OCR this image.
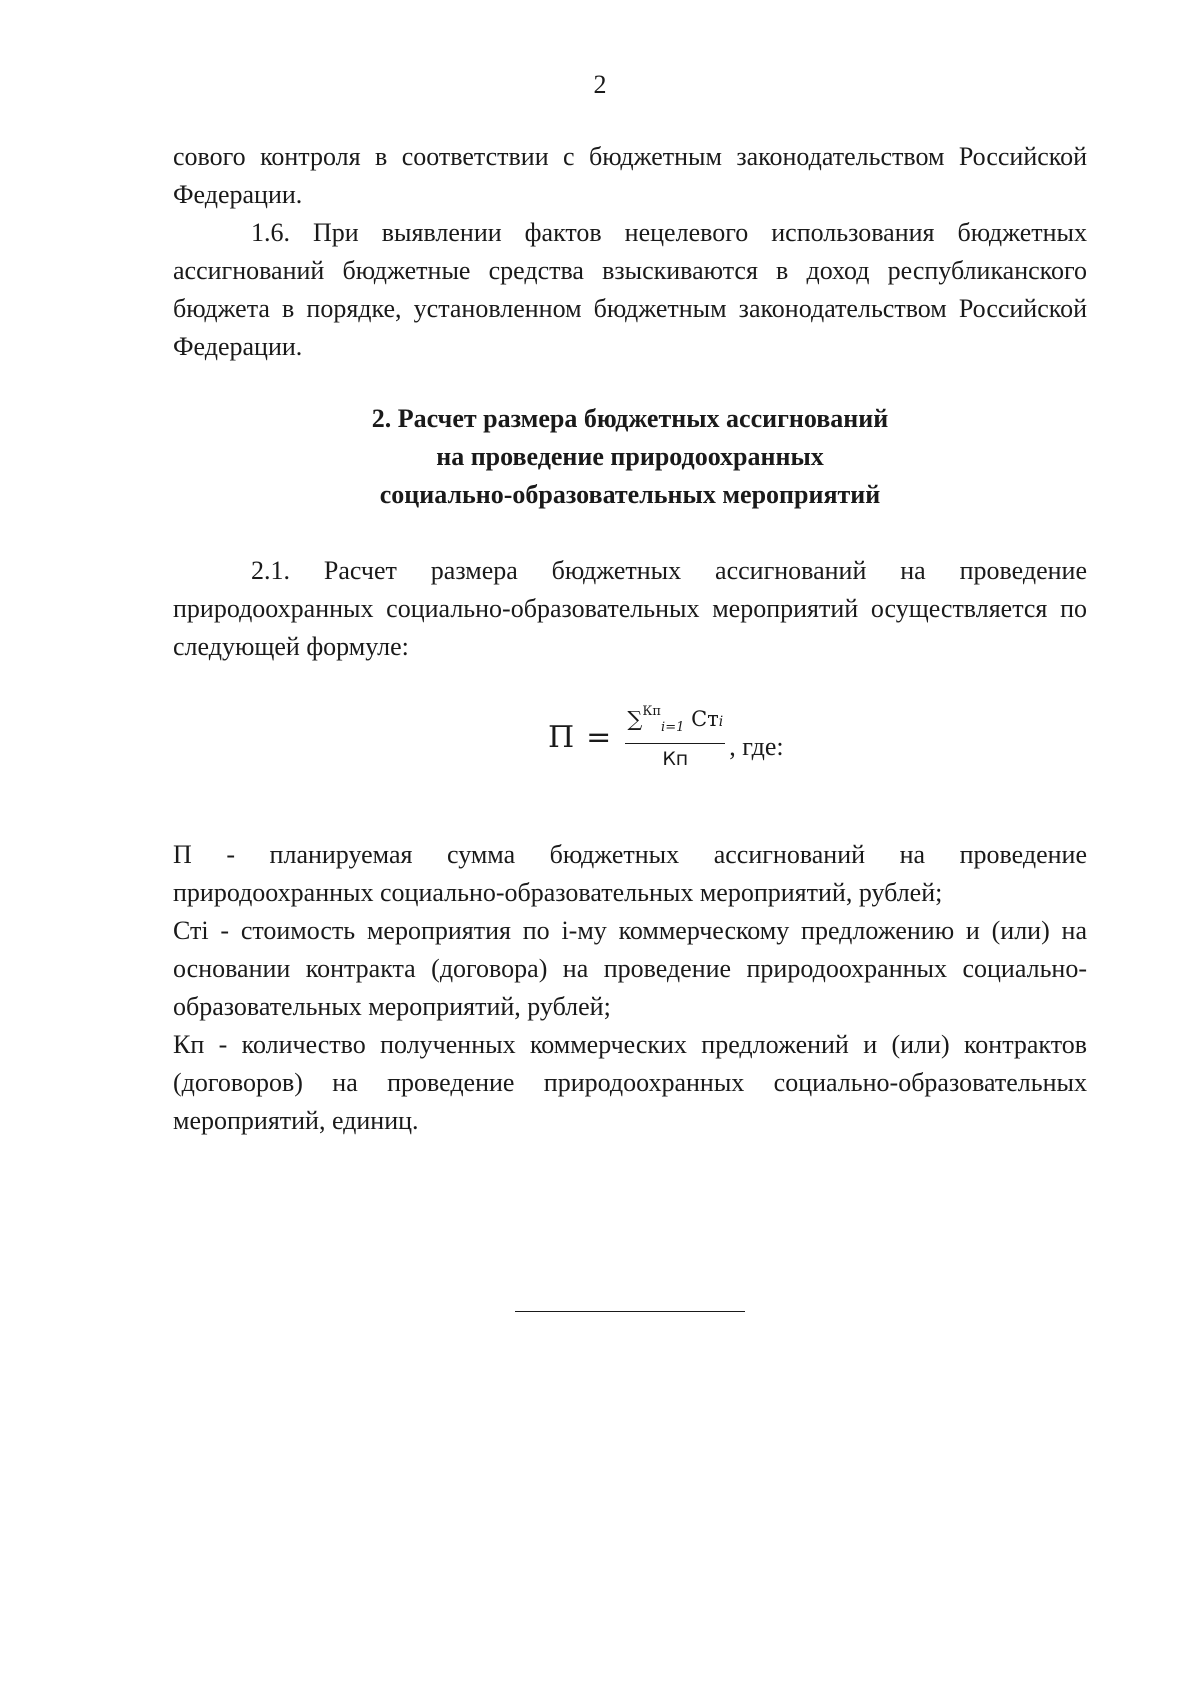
2

сового контроля в соответствии с бюджетным законодательством Российской Федерации.

1.6. При выявлении фактов нецелевого использования бюджетных ассигнований бюджетные средства взыскиваются в доход республиканского бюджета в порядке, установленном бюджетным законодательством Российской Федерации.

2. Расчет размера бюджетных ассигнований
на проведение природоохранных
социально-образовательных мероприятий

2.1. Расчет размера бюджетных ассигнований на проведение природоохранных социально-образовательных мероприятий осуществляется по следующей формуле:

$П = \frac{\sum^{Кп}_{i=1} Стi}{Кп}$ , где:

П - планируемая сумма бюджетных ассигнований на проведение природоохранных социально-образовательных мероприятий, рублей;

Стi - стоимость мероприятия по i-му коммерческому предложению и (или) на основании контракта (договора) на проведение природоохранных социально-образовательных мероприятий, рублей;

Кп - количество полученных коммерческих предложений и (или) контрактов (договоров) на проведение природоохранных социально-образовательных мероприятий, единиц.
